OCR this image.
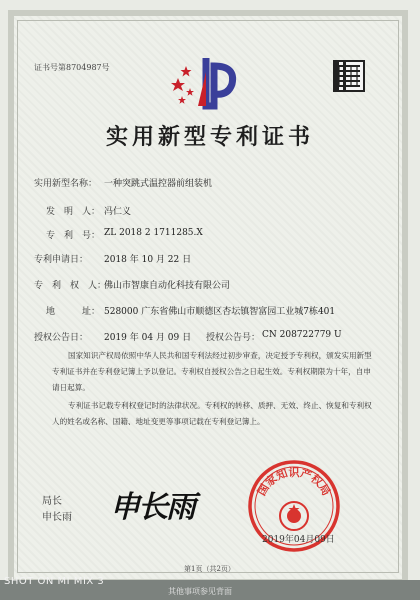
证书号第8704987号
实用新型专利证书
实用新型名称： 一种突跳式温控器前组装机
发　明　人： 冯仁义
专　利　号： ZL 2018 2 1711285.X
专利申请日： 2018 年 10 月 22 日
专　利　权　人：
佛山市智康自动化科技有限公司
地　　　址： 528000 广东省佛山市顺德区杏坛镇智富园工业城7栋401
授权公告日： 2019 年 04 月 09 日 授权公告号： CN 208722779 U
国家知识产权局依照中华人民共和国专利法经过初步审查，决定授予专利权，颁发实用新型专利证书并在专利登记簿上予以登记。专利权自授权公告之日起生效。专利权期限为十年，自申请日起算。
专利证书记载专利权登记时的法律状况。专利权的转移、质押、无效、终止、恢复和专利权人的姓名或名称、国籍、地址变更等事项记载在专利登记簿上。
局长
申长雨 申长雨
国家知识产权局
2019年04月09日
第1页（共2页）
其他事项参见背面
SHOT ON MI MIX 3
